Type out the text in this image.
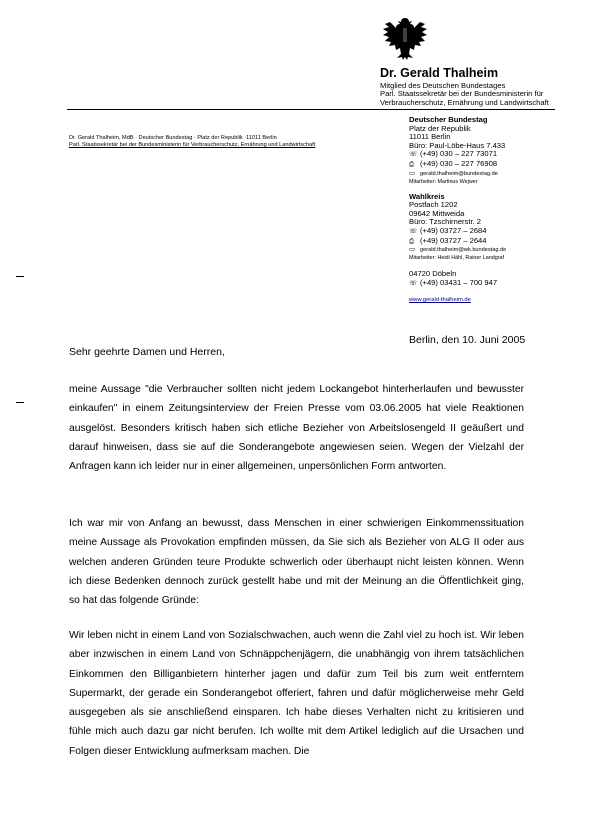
Dr. Gerald Thalheim
Mitglied des Deutschen Bundestages
Parl. Staatssekretär bei der Bundesministerin für
Verbraucherschutz, Ernährung und Landwirtschaft
Dr. Gerald Thalheim, MdB · Deutscher Bundestag · Platz der Republik ·11011 Berlin
Parl. Staatssekretär bei der Bundesministerin für Verbraucherschutz, Ernährung und Landwirtschaft
Deutscher Bundestag
Platz der Republik
11011 Berlin
Büro: Paul-Löbe-Haus 7.433
☏ (+49) 030 – 227 73071
⎙ (+49) 030 – 227 76908
▭ gerald.thalheim@bundestag.de
Mitarbeiter: Martinus Wejwer
Wahlkreis
Postfach 1202
09642 Mittweida
Büro: Tzschirnerstr. 2
☏ (+49) 03727 – 2684
⎙ (+49) 03727 – 2644
▭ gerald.thalheim@wk.bundestag.de
Mitarbeiter: Heidi Hähl, Rainer Landgraf
04720 Döbeln
☏ (+49) 03431 – 700 947
www.gerald-thalheim.de
Berlin, den 10. Juni 2005
Sehr geehrte Damen und Herren,
meine Aussage "die Verbraucher sollten nicht jedem Lockangebot hinterherlaufen und bewusster einkaufen" in einem Zeitungsinterview der Freien Presse vom 03.06.2005 hat viele Reaktionen ausgelöst. Besonders kritisch haben sich etliche Bezieher von Arbeitslosengeld II geäußert und darauf hinweisen, dass sie auf die Sonderangebote angewiesen seien. Wegen der Vielzahl der Anfragen kann ich leider nur in einer allgemeinen, unpersönlichen Form antworten.
Ich war mir von Anfang an bewusst, dass Menschen in einer schwierigen Einkommenssituation meine Aussage als Provokation empfinden müssen, da Sie sich als Bezieher von ALG II oder aus welchen anderen Gründen teure Produkte schwerlich oder überhaupt nicht leisten können. Wenn ich diese Bedenken dennoch zurück gestellt habe und mit der Meinung an die Öffentlichkeit ging, so hat das folgende Gründe:
Wir leben nicht in einem Land von Sozialschwachen, auch wenn die Zahl viel zu hoch ist. Wir leben aber inzwischen in einem Land von Schnäppchenjägern, die unabhängig von ihrem tatsächlichen Einkommen den Billiganbietern hinterher jagen und dafür zum Teil bis zum weit entferntem Supermarkt, der gerade ein Sonderangebot offeriert, fahren und dafür möglicherweise mehr Geld ausgegeben als sie anschließend einsparen. Ich habe dieses Verhalten nicht zu kritisieren und fühle mich auch dazu gar nicht berufen. Ich wollte mit dem Artikel lediglich auf die Ursachen und Folgen dieser Entwicklung aufmerksam machen. Die
